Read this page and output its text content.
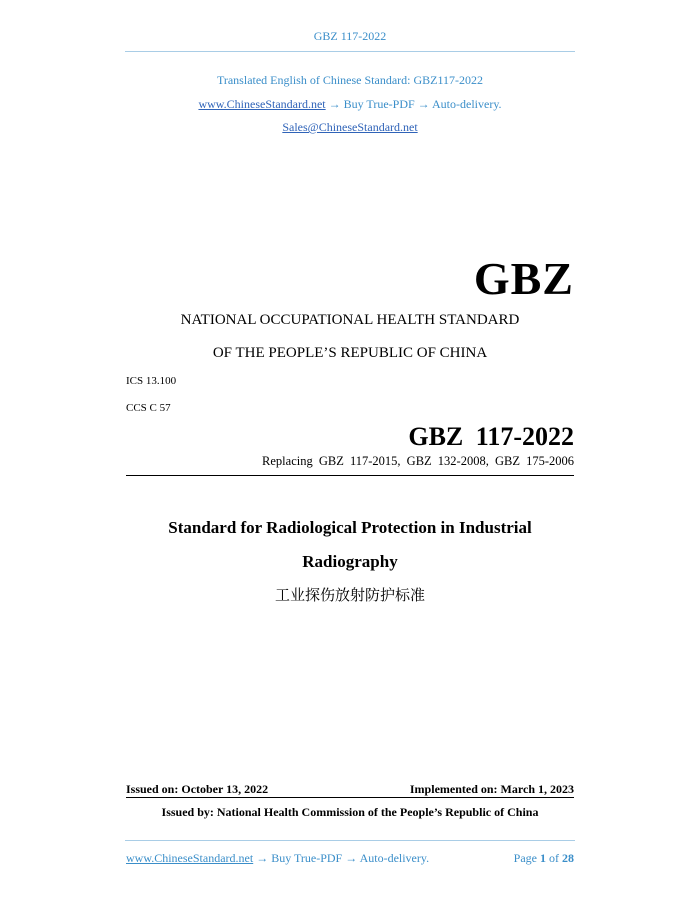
GBZ 117-2022
Translated English of Chinese Standard: GBZ117-2022
www.ChineseStandard.net → Buy True-PDF → Auto-delivery.
Sales@ChineseStandard.net
GBZ
NATIONAL OCCUPATIONAL HEALTH STANDARD
OF THE PEOPLE’S REPUBLIC OF CHINA
ICS 13.100
CCS C 57
GBZ 117-2022
Replacing GBZ 117-2015, GBZ 132-2008, GBZ 175-2006
Standard for Radiological Protection in Industrial
Radiography
工业探伤放射防护标准
Issued on: October 13, 2022	Implemented on: March 1, 2023
Issued by: National Health Commission of the People’s Republic of China
www.ChineseStandard.net → Buy True-PDF → Auto-delivery.	Page 1 of 28
